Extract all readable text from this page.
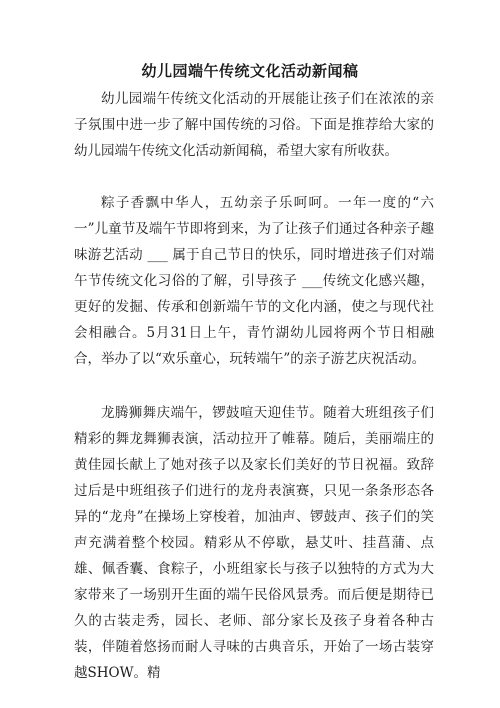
幼儿园端午传统文化活动新闻稿

幼儿园端午传统文化活动的开展能让孩子们在浓浓的亲子氛围中进一步了解中国传统的习俗。下面是推荐给大家的幼儿园端午传统文化活动新闻稿，希望大家有所收获。

粽子香飘中华人，五幼亲子乐呵呵。一年一度的“六一”儿童节及端午节即将到来，为了让孩子们通过各种亲子趣味游艺活动 ___ 属于自己节日的快乐，同时增进孩子们对端午节传统文化习俗的了解，引导孩子 ___传统文化感兴趣，更好的发掘、传承和创新端午节的文化内涵，使之与现代社会相融合。5月31日上午，青竹湖幼儿园将两个节日相融合，举办了以“欢乐童心，玩转端午”的亲子游艺庆祝活动。

龙腾狮舞庆端午，锣鼓喧天迎佳节。随着大班组孩子们精彩的舞龙舞狮表演，活动拉开了帷幕。随后，美丽端庄的黄佳园长献上了她对孩子以及家长们美好的节日祝福。致辞过后是中班组孩子们进行的龙舟表演赛，只见一条条形态各异的“龙舟”在操场上穿梭着，加油声、锣鼓声、孩子们的笑声充满着整个校园。精彩从不停歇，悬艾叶、挂菖蒲、点雄、佩香囊、食粽子，小班组家长与孩子以独特的方式为大家带来了一场别开生面的端午民俗风景秀。而后便是期待已久的古装走秀，园长、老师、部分家长及孩子身着各种古装，伴随着悠扬而耐人寻味的古典音乐，开始了一场古装穿越SHOW。精
